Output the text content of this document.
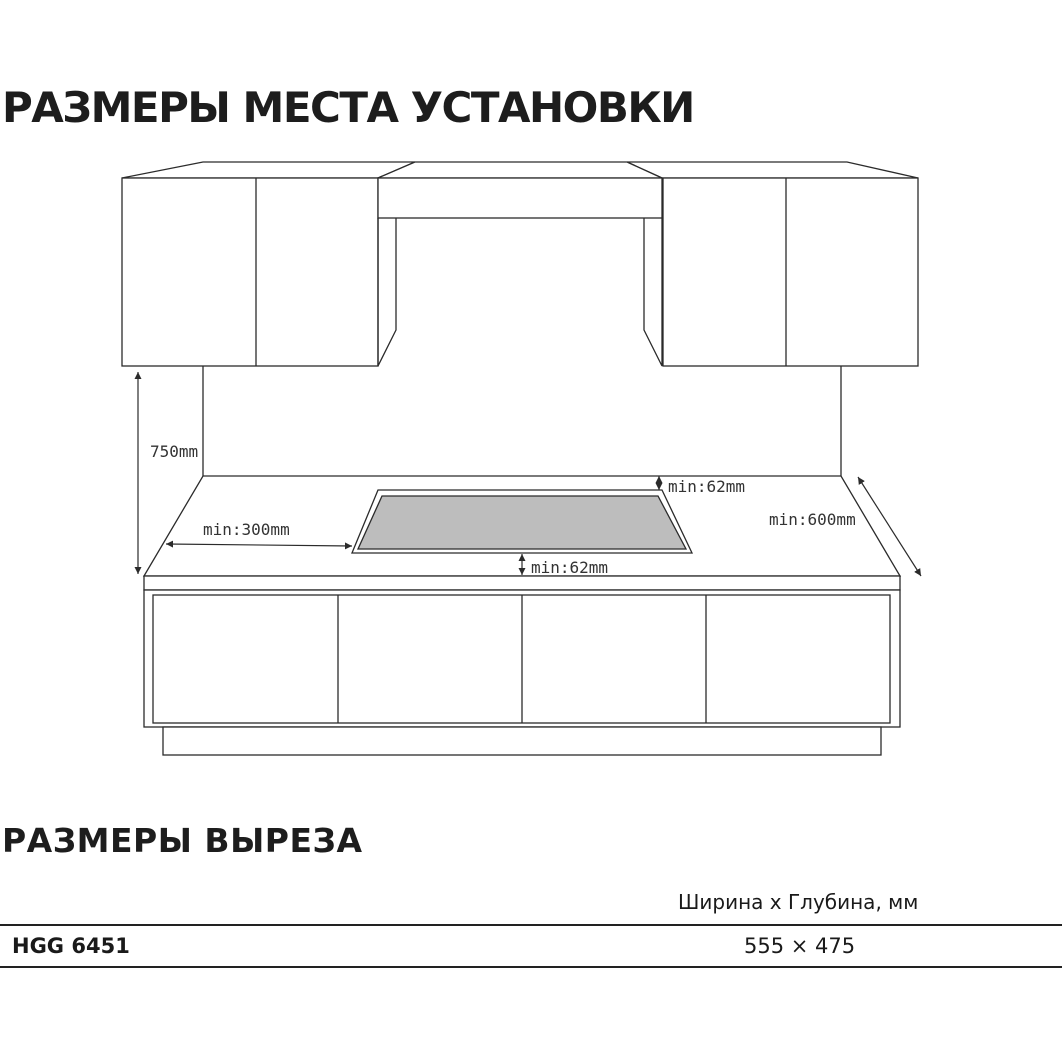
РАЗМЕРЫ МЕСТА УСТАНОВКИ
750mm
min:300mm
min:62mm
min:62mm
min:600mm
РАЗМЕРЫ ВЫРЕЗА
Ширина x Глубина, мм
HGG 6451	555 × 475
